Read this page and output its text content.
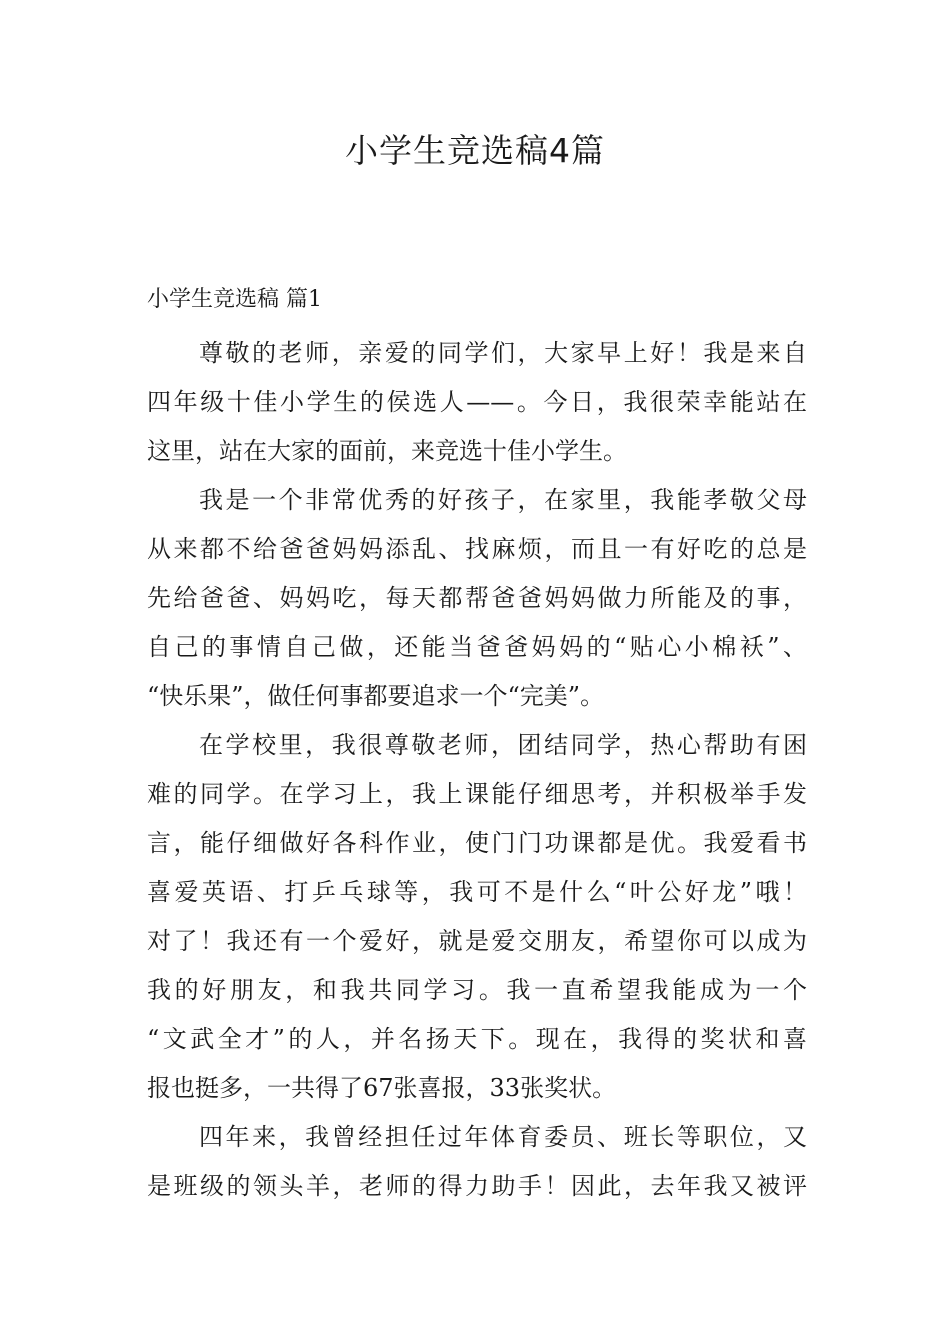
小学生竞选稿4篇
小学生竞选稿 篇1
尊敬的老师，亲爱的同学们，大家早上好！我是来自
四年级十佳小学生的侯选人——。今日，我很荣幸能站在
这里，站在大家的面前，来竞选十佳小学生。
我是一个非常优秀的好孩子，在家里，我能孝敬父母
从来都不给爸爸妈妈添乱、找麻烦，而且一有好吃的总是
先给爸爸、妈妈吃，每天都帮爸爸妈妈做力所能及的事，
自己的事情自己做，还能当爸爸妈妈的“贴心小棉袄”、
“快乐果”，做任何事都要追求一个“完美”。
在学校里，我很尊敬老师，团结同学，热心帮助有困
难的同学。在学习上，我上课能仔细思考，并积极举手发
言，能仔细做好各科作业，使门门功课都是优。我爱看书
喜爱英语、打乒乓球等，我可不是什么“叶公好龙”哦！
对了！我还有一个爱好，就是爱交朋友，希望你可以成为
我的好朋友，和我共同学习。我一直希望我能成为一个
“文武全才”的人，并名扬天下。现在，我得的奖状和喜
报也挺多，一共得了67张喜报，33张奖状。
四年来，我曾经担任过年体育委员、班长等职位，又
是班级的领头羊，老师的得力助手！因此，去年我又被评
